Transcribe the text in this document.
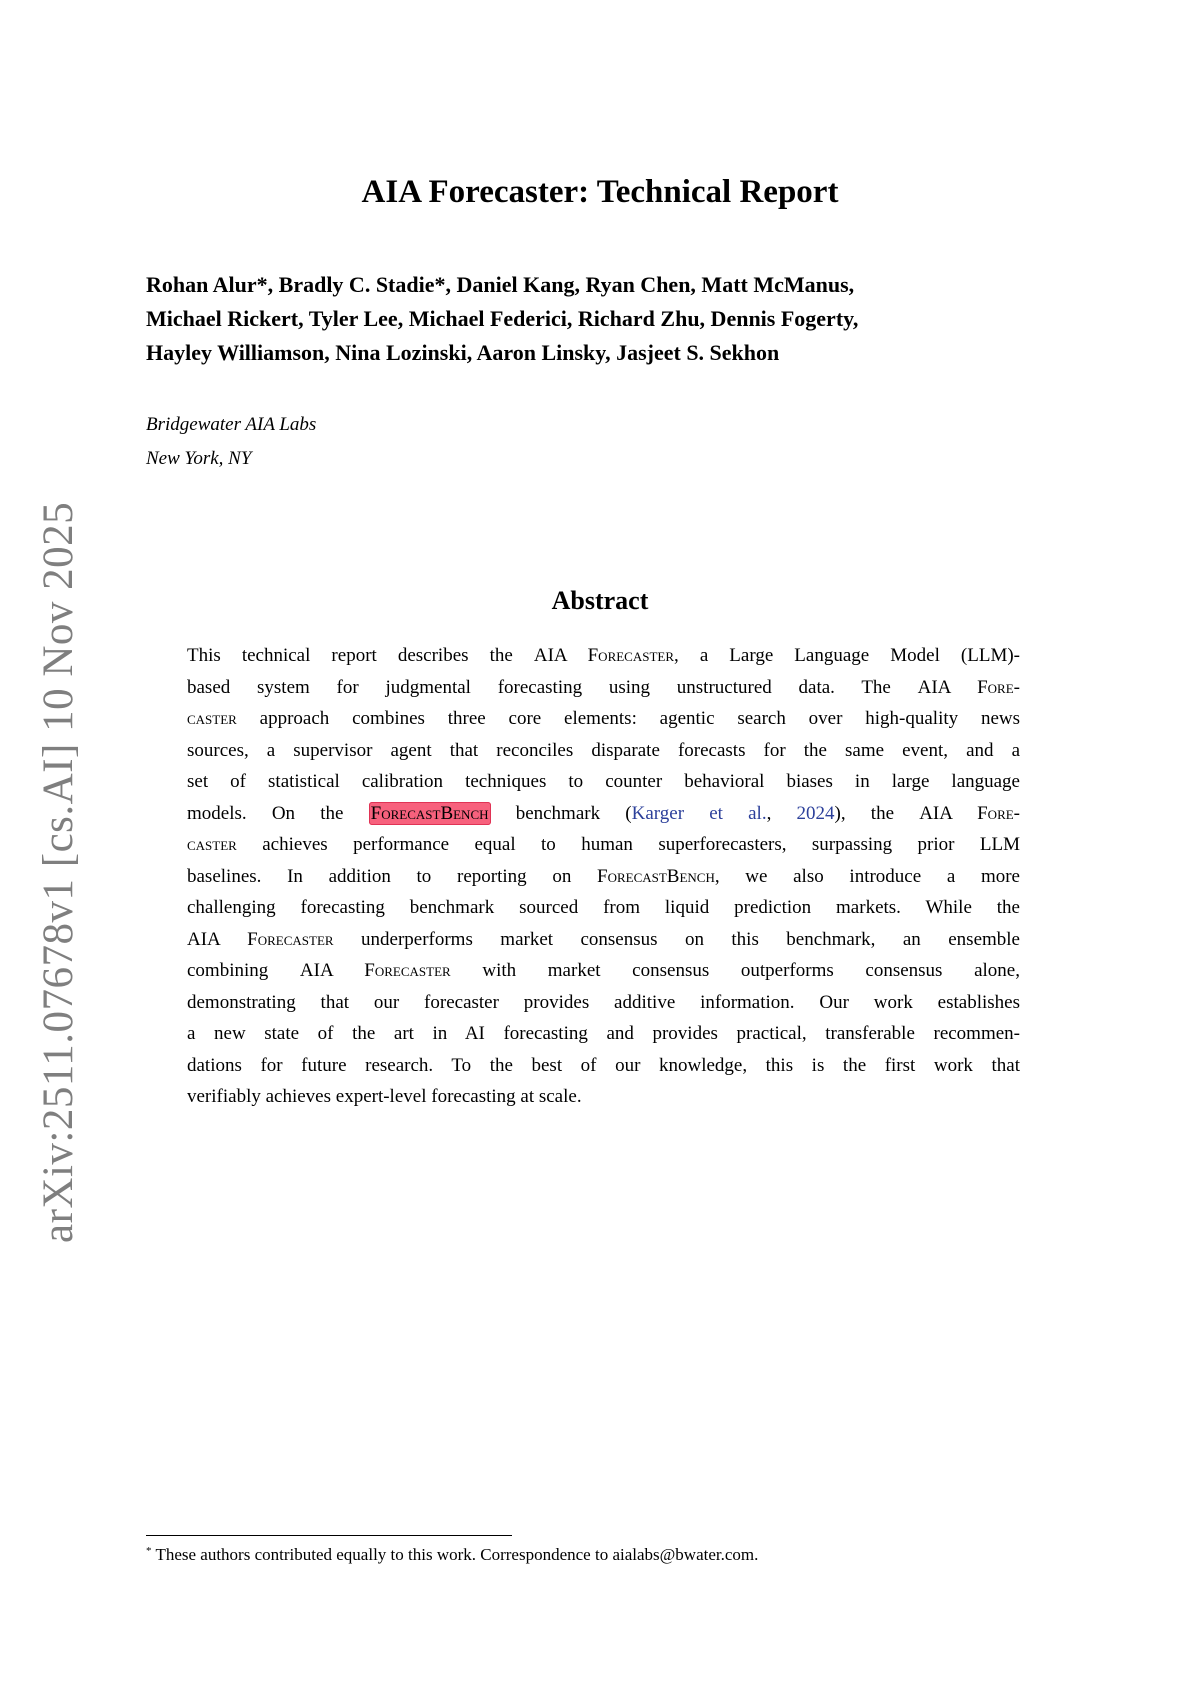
arXiv:2511.07678v1 [cs.AI] 10 Nov 2025
AIA Forecaster: Technical Report
Rohan Alur*, Bradly C. Stadie*, Daniel Kang, Ryan Chen, Matt McManus,
Michael Rickert, Tyler Lee, Michael Federici, Richard Zhu, Dennis Fogerty,
Hayley Williamson, Nina Lozinski, Aaron Linsky, Jasjeet S. Sekhon
Bridgewater AIA Labs
New York, NY
Abstract
This technical report describes the AIA Forecaster, a Large Language Model (LLM)-
based system for judgmental forecasting using unstructured data. The AIA Fore-
caster approach combines three core elements: agentic search over high-quality news
sources, a supervisor agent that reconciles disparate forecasts for the same event, and a
set of statistical calibration techniques to counter behavioral biases in large language
models. On the ForecastBench benchmark (Karger et al., 2024), the AIA Fore-
caster achieves performance equal to human superforecasters, surpassing prior LLM
baselines. In addition to reporting on ForecastBench, we also introduce a more
challenging forecasting benchmark sourced from liquid prediction markets. While the
AIA Forecaster underperforms market consensus on this benchmark, an ensemble
combining AIA Forecaster with market consensus outperforms consensus alone,
demonstrating that our forecaster provides additive information. Our work establishes
a new state of the art in AI forecasting and provides practical, transferable recommen-
dations for future research. To the best of our knowledge, this is the first work that
verifiably achieves expert-level forecasting at scale.
* These authors contributed equally to this work. Correspondence to aialabs@bwater.com.
